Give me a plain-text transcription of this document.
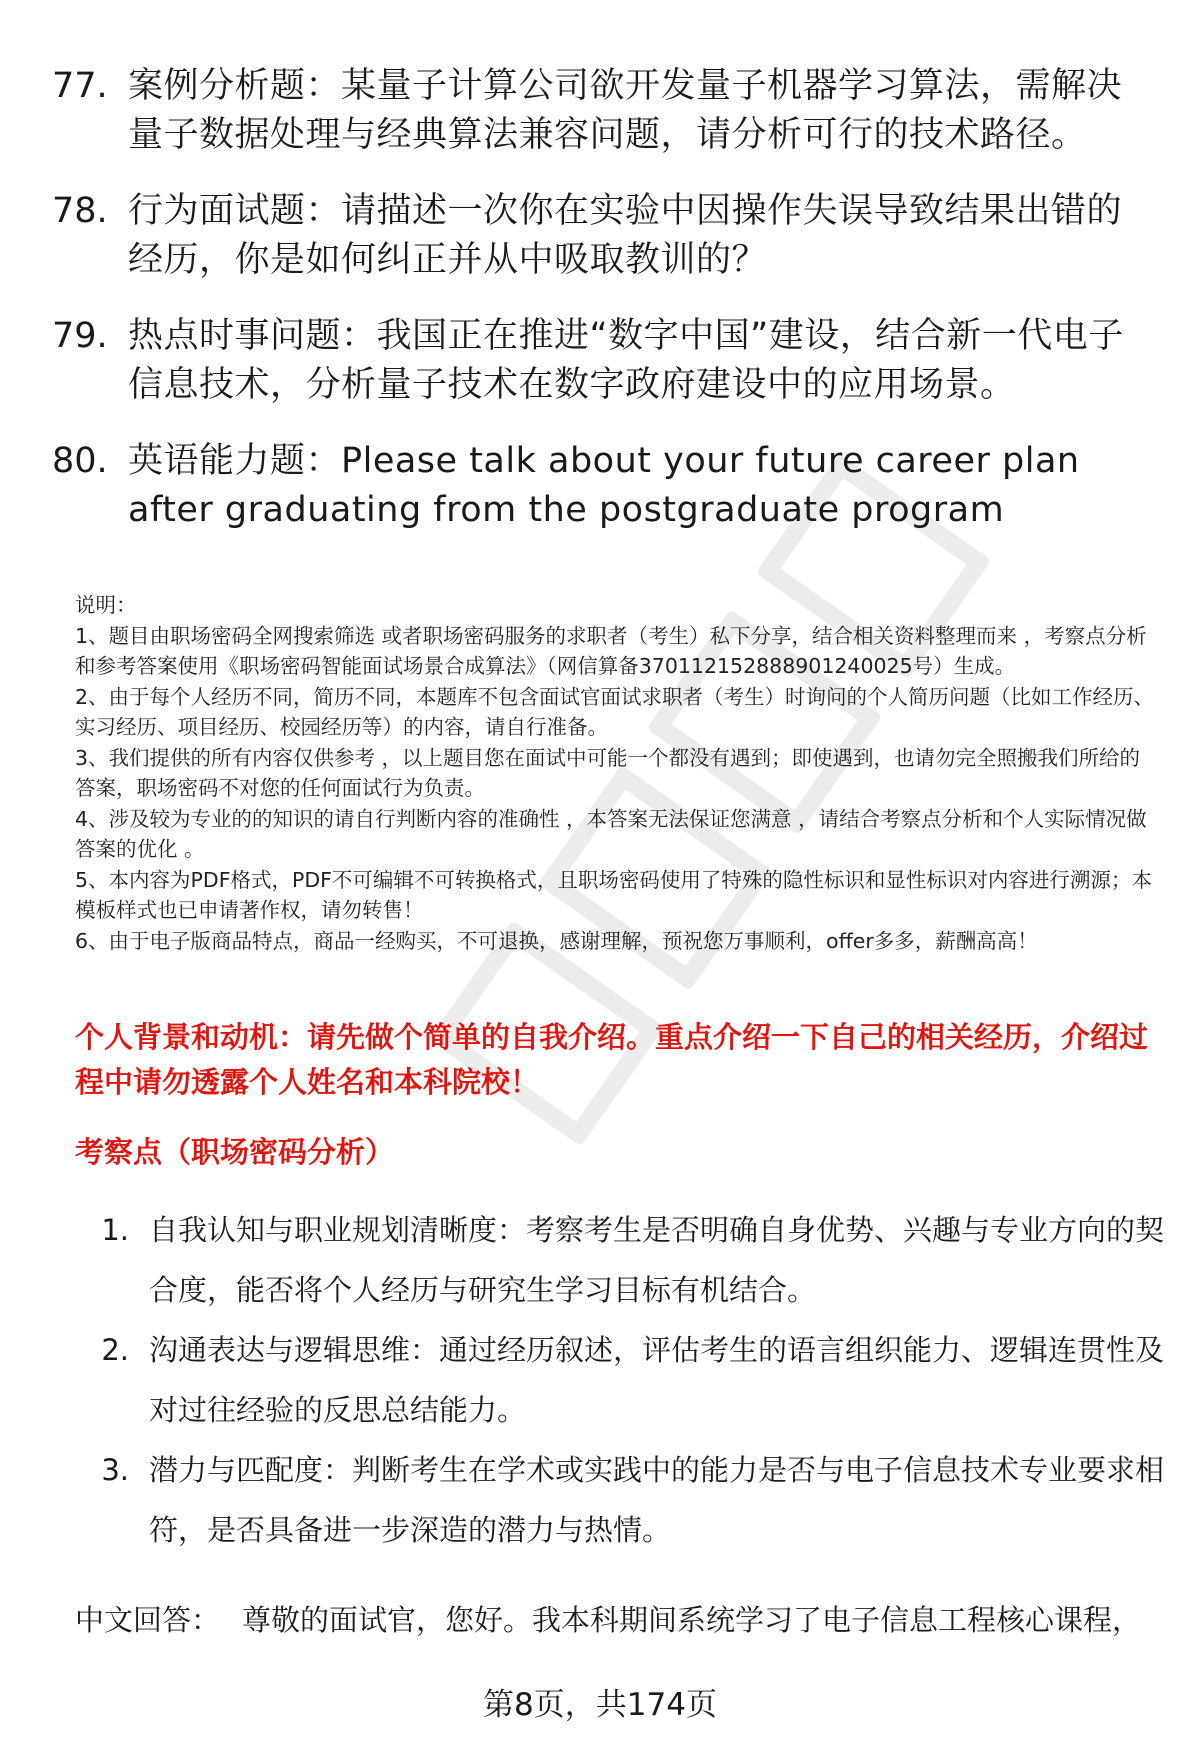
77. 案例分析题：某量子计算公司欲开发量子机器学习算法，需解决量子数据处理与经典算法兼容问题，请分析可行的技术路径。
78. 行为面试题：请描述一次你在实验中因操作失误导致结果出错的经历，你是如何纠正并从中吸取教训的？
79. 热点时事问题：我国正在推进“数字中国”建设，结合新一代电子信息技术，分析量子技术在数字政府建设中的应用场景。
80. 英语能力题：Please talk about your future career plan after graduating from the postgraduate program

说明：

1、题目由职场密码全网搜索筛选 或者职场密码服务的求职者（考生）私下分享，结合相关资料整理而来 ，考察点分析和参考答案使用《职场密码智能面试场景合成算法》（网信算备370112152888901240025号）生成。

2、由于每个人经历不同，简历不同，本题库不包含面试官面试求职者（考生）时询问的个人简历问题（比如工作经历、实习经历、项目经历、校园经历等）的内容，请自行准备。

3、我们提供的所有内容仅供参考 ，以上题目您在面试中可能一个都没有遇到；即使遇到，也请勿完全照搬我们所给的答案，职场密码不对您的任何面试行为负责。

4、涉及较为专业的的知识的请自行判断内容的准确性 ，本答案无法保证您满意 ，请结合考察点分析和个人实际情况做答案的优化 。

5、本内容为PDF格式，PDF不可编辑不可转换格式，且职场密码使用了特殊的隐性标识和显性标识对内容进行溯源；本模板样式也已申请著作权，请勿转售！

6、由于电子版商品特点，商品一经购买，不可退换，感谢理解，预祝您万事顺利，offer多多，薪酬高高！

个人背景和动机：请先做个简单的自我介绍。重点介绍一下自己的相关经历，介绍过程中请勿透露个人姓名和本科院校！
考察点（职场密码分析）
1. 自我认知与职业规划清晰度：考察考生是否明确自身优势、兴趣与专业方向的契合度，能否将个人经历与研究生学习目标有机结合。
2. 沟通表达与逻辑思维：通过经历叙述，评估考生的语言组织能力、逻辑连贯性及对过往经验的反思总结能力。
3. 潜力与匹配度：判断考生在学术或实践中的能力是否与电子信息技术专业要求相符，是否具备进一步深造的潜力与热情。
中文回答： 尊敬的面试官，您好。我本科期间系统学习了电子信息工程核心课程，
第8页，共174页
